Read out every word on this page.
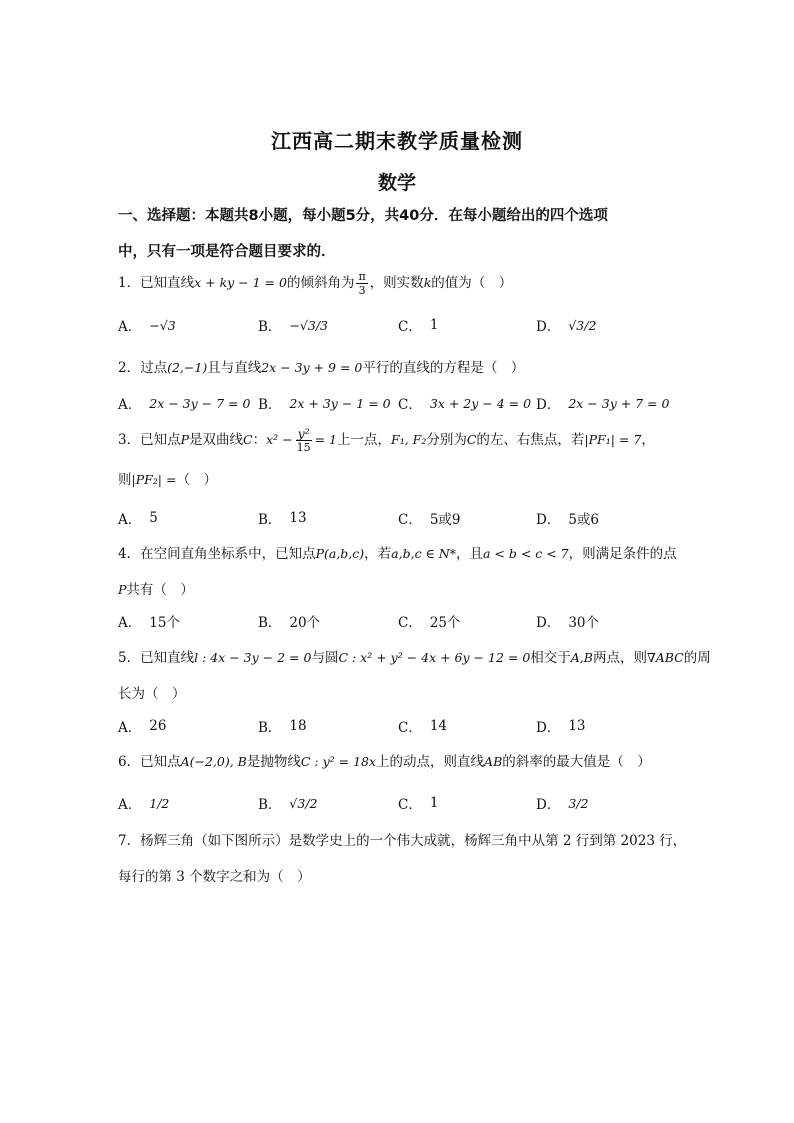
江西高二期末教学质量检测
数学
一、选择题：本题共8小题，每小题5分，共40分．在每小题给出的四个选项
中，只有一项是符合题目要求的．
1．已知直线x + ky − 1 = 0的倾斜角为 $\frac{\pi}{3}$ ，则实数k的值为（　）
A． −√3	B． −√3/3	C． 1	D． √3/2
2．过点(2,−1)且与直线2x − 3y + 9 = 0平行的直线的方程是（　）
A． 2x − 3y − 7 = 0 B． 2x + 3y − 1 = 0 C． 3x + 2y − 4 = 0 D． 2x − 3y + 7 = 0
3．已知点P是双曲线C：$x^2 - \frac{\text{y²}}{15} = 1$上一点，F₁, F₂分别为C的左、右焦点，若|PF₁| = 7，
则|PF₂| =（　）
A． 5	B． 13	C． 5或9	D． 5或6
4．在空间直角坐标系中，已知点P(a,b,c)，若a,b,c ∈ N*，且a < b < c < 7，则满足条件的点
P共有（　）
A． 15个	B． 20个	C． 25个	D． 30个
5．已知直线l : 4x − 3y − 2 = 0与圆C : x² + y² − 4x + 6y − 12 = 0相交于A,B两点，则∇ABC的周
长为（　）
A． 26	B． 18	C． 14	D． 13
6．已知点A(−2,0), B是抛物线C : y² = 18x上的动点，则直线AB的斜率的最大值是（　）
A． 1/2	B． √3/2	C． 1	D． 3/2
7．杨辉三角（如下图所示）是数学史上的一个伟大成就，杨辉三角中从第 2 行到第 2023 行，
每行的第 3 个数字之和为（　）
